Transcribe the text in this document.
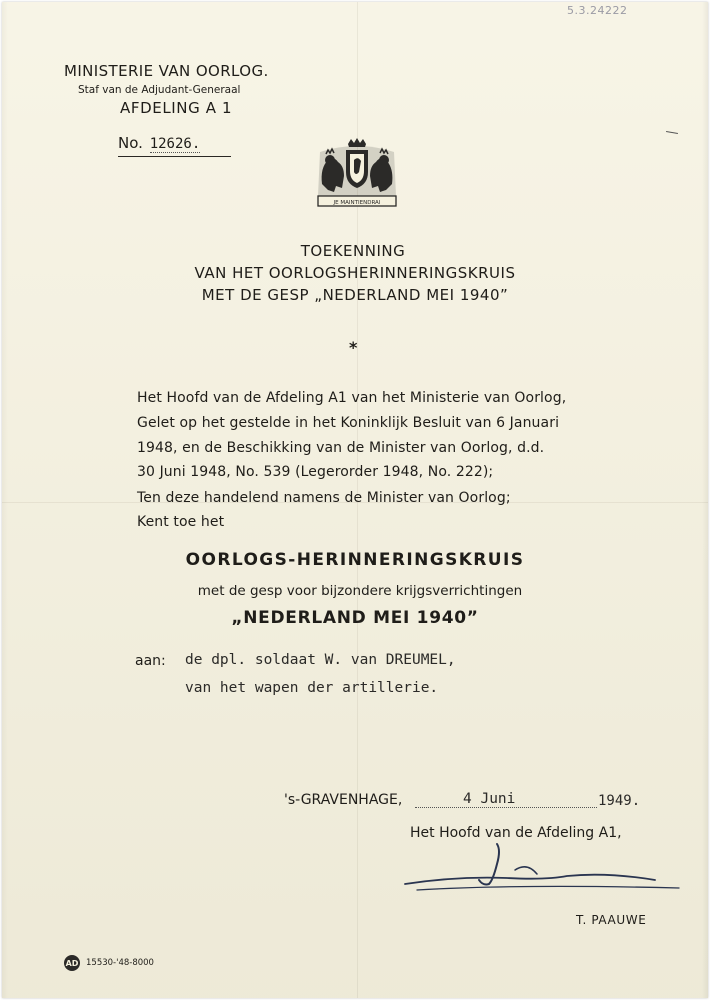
5.3.24222
MINISTERIE VAN OORLOG.
Staf van de Adjudant-Generaal
AFDELING A 1
No. 12626.
JE MAINTIENDRAI
TOEKENNING
VAN HET OORLOGSHERINNERINGSKRUIS
MET DE GESP „NEDERLAND MEI 1940”
*
Het Hoofd van de Afdeling A1 van het Ministerie van Oorlog,
Gelet op het gestelde in het Koninklijk Besluit van 6 Januari
1948, en de Beschikking van de Minister van Oorlog, d.d.
30 Juni 1948, No. 539 (Legerorder 1948, No. 222);
Ten deze handelend namens de Minister van Oorlog;
Kent toe het
OORLOGS-HERINNERINGSKRUIS
met de gesp voor bijzondere krijgsverrichtingen
„NEDERLAND MEI 1940”
aan: de dpl. soldaat W. van DREUMEL,
van het wapen der artillerie.
's-GRAVENHAGE,	4 Juni	1949.
Het Hoofd van de Afdeling A1,
T. PAAUWE
AD 15530-'48-8000
